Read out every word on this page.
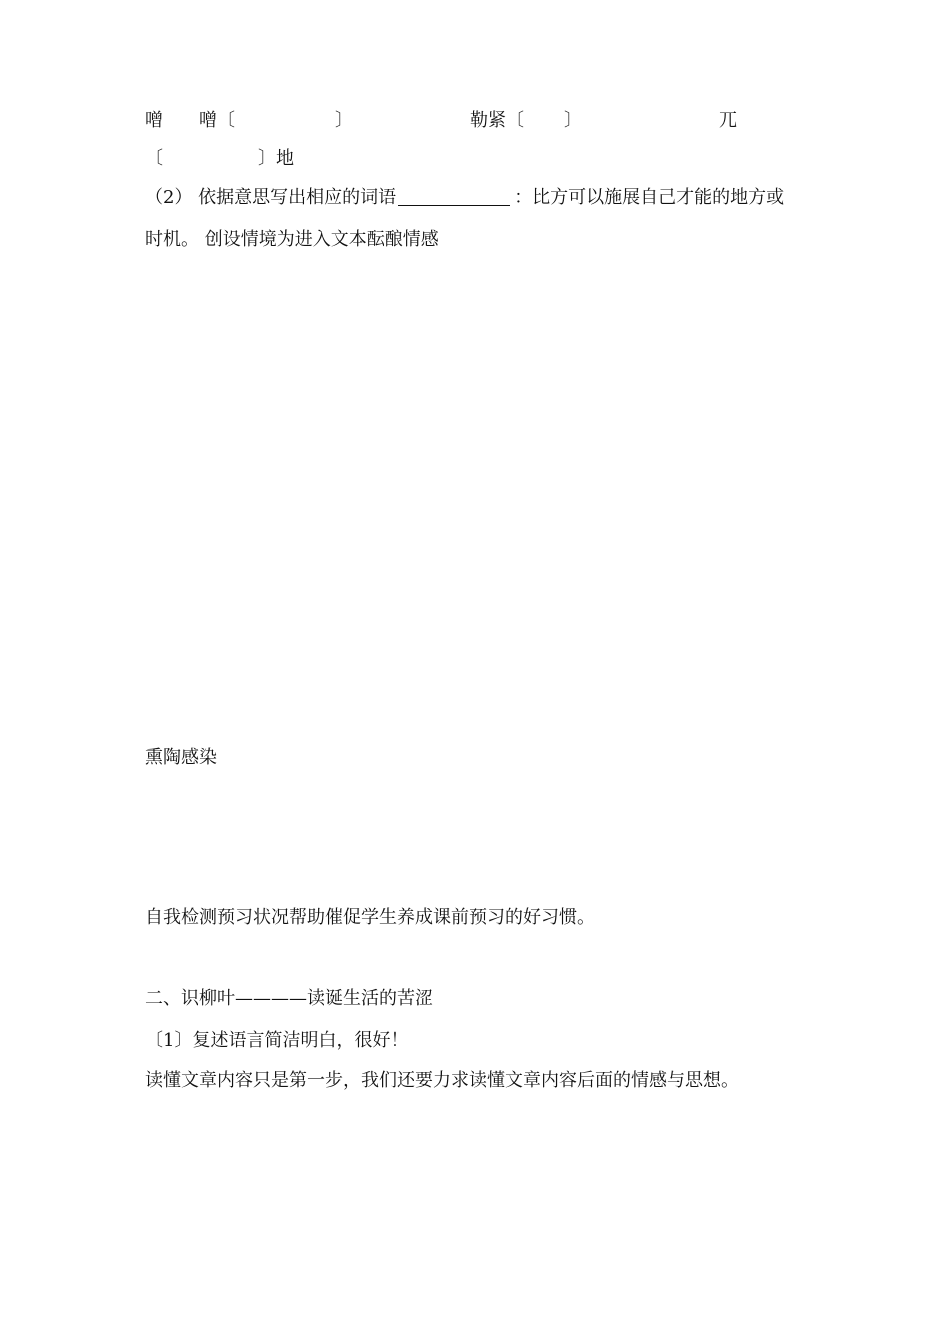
噌　　噌〔	〕	勒紧〔 〕	兀
〔	〕地
（2） 依据意思写出相应的词语	：比方可以施展自己才能的地方或
时机。 创设情境为进入文本酝酿情感
熏陶感染
自我检测预习状况帮助催促学生养成课前预习的好习惯。
二、识柳叶————读诞生活的苦涩
〔1〕复述语言简洁明白，很好！
读懂文章内容只是第一步，我们还要力求读懂文章内容后面的情感与思想。
